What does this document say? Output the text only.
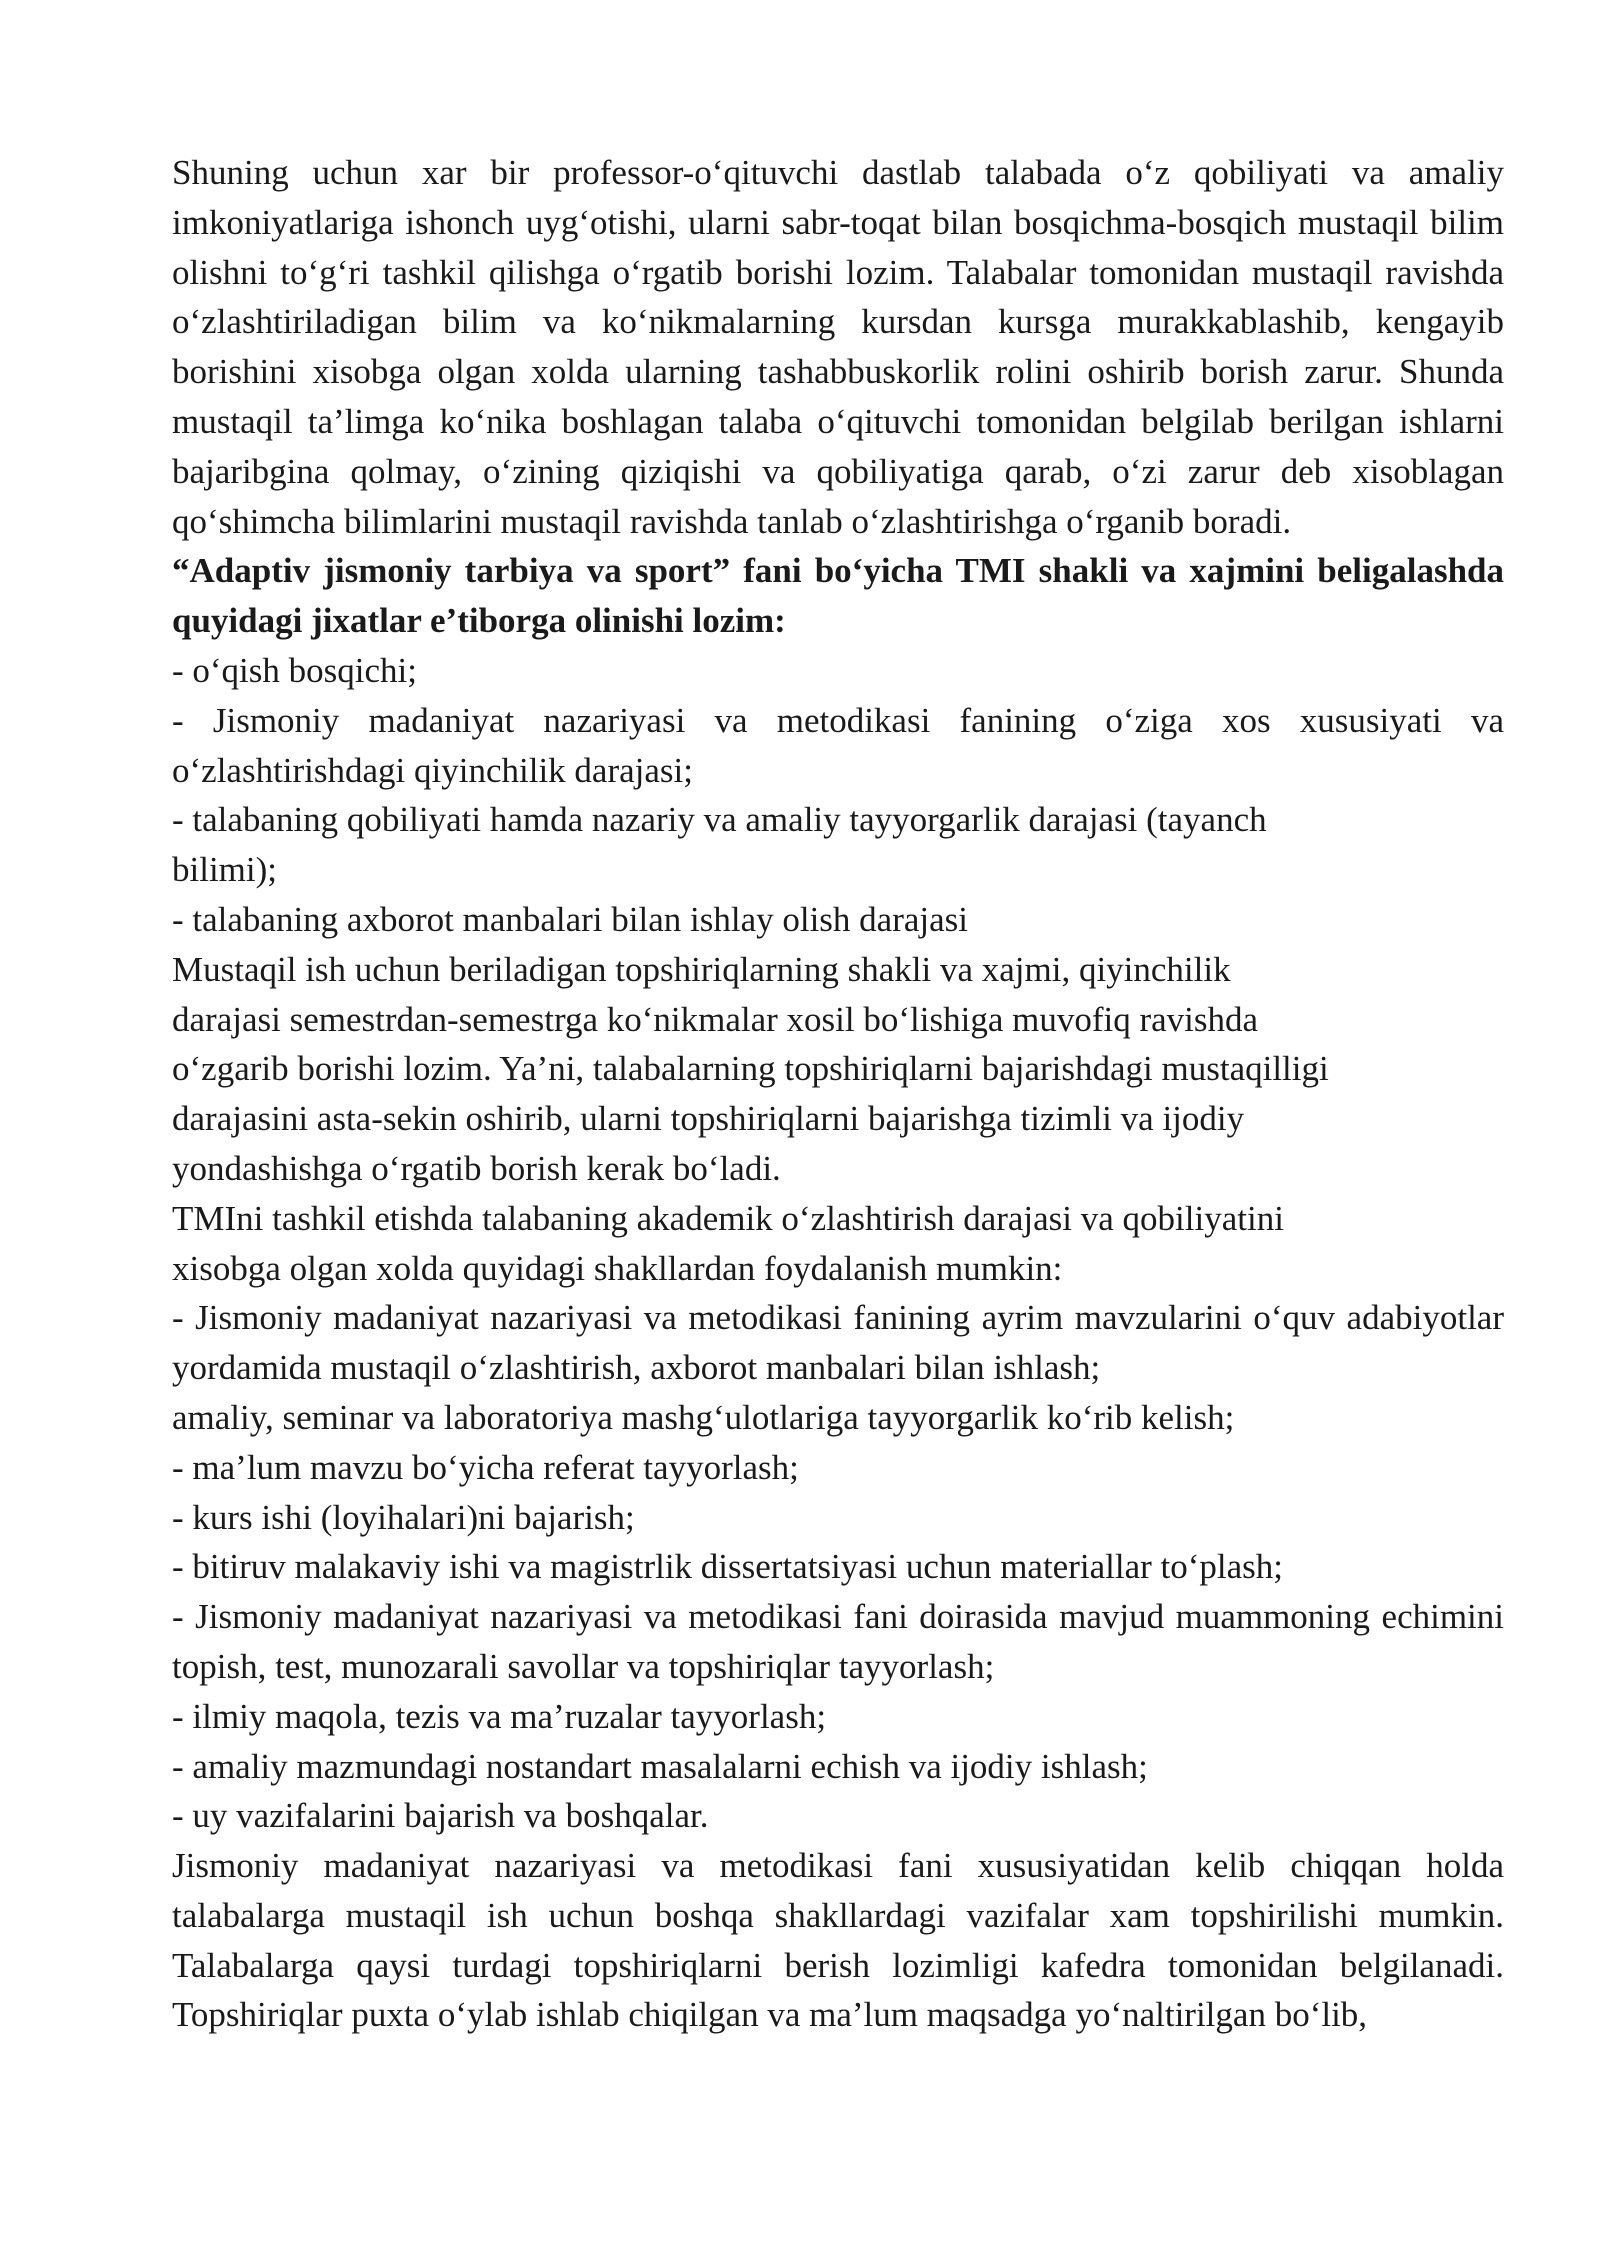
Shuning uchun xar bir professor-o‘qituvchi dastlab talabada o‘z qobiliyati va amaliy imkoniyatlariga ishonch uyg‘otishi, ularni sabr-toqat bilan bosqichma-bosqich mustaqil bilim olishni to‘g‘ri tashkil qilishga o‘rgatib borishi lozim. Talabalar tomonidan mustaqil ravishda o‘zlashtiriladigan bilim va ko‘nikmalarning kursdan kursga murakkablashib, kengayib borishini xisobga olgan xolda ularning tashabbuskorlik rolini oshirib borish zarur. Shunda mustaqil ta’limga ko‘nika boshlagan talaba o‘qituvchi tomonidan belgilab berilgan ishlarni bajaribgina qolmay, o‘zining qiziqishi va qobiliyatiga qarab, o‘zi zarur deb xisoblagan qo‘shimcha bilimlarini mustaqil ravishda tanlab o‘zlashtirishga o‘rganib boradi.

“Adaptiv jismoniy tarbiya va sport” fani bo‘yicha TMI shakli va xajmini beligalashda quyidagi jixatlar e’tiborga olinishi lozim:

- o‘qish bosqichi;

- Jismoniy madaniyat nazariyasi va metodikasi fanining o‘ziga xos xususiyati va o‘zlashtirishdagi qiyinchilik darajasi;

- talabaning qobiliyati hamda nazariy va amaliy tayyorgarlik darajasi (tayanch
bilimi);

- talabaning axborot manbalari bilan ishlay olish darajasi

Mustaqil ish uchun beriladigan topshiriqlarning shakli va xajmi, qiyinchilik
darajasi semestrdan-semestrga ko‘nikmalar xosil bo‘lishiga muvofiq ravishda
o‘zgarib borishi lozim. Ya’ni, talabalarning topshiriqlarni bajarishdagi mustaqilligi
darajasini asta-sekin oshirib, ularni topshiriqlarni bajarishga tizimli va ijodiy
yondashishga o‘rgatib borish kerak bo‘ladi.

TMIni tashkil etishda talabaning akademik o‘zlashtirish darajasi va qobiliyatini
xisobga olgan xolda quyidagi shakllardan foydalanish mumkin:

- Jismoniy madaniyat nazariyasi va metodikasi fanining ayrim mavzularini o‘quv adabiyotlar yordamida mustaqil o‘zlashtirish, axborot manbalari bilan ishlash;

amaliy, seminar va laboratoriya mashg‘ulotlariga tayyorgarlik ko‘rib kelish;

- ma’lum mavzu bo‘yicha referat tayyorlash;

- kurs ishi (loyihalari)ni bajarish;

- bitiruv malakaviy ishi va magistrlik dissertatsiyasi uchun materiallar to‘plash;

- Jismoniy madaniyat nazariyasi va metodikasi fani doirasida mavjud muammoning echimini topish, test, munozarali savollar va topshiriqlar tayyorlash;

- ilmiy maqola, tezis va ma’ruzalar tayyorlash;

- amaliy mazmundagi nostandart masalalarni echish va ijodiy ishlash;

- uy vazifalarini bajarish va boshqalar.

Jismoniy madaniyat nazariyasi va metodikasi fani xususiyatidan kelib chiqqan holda talabalarga mustaqil ish uchun boshqa shakllardagi vazifalar xam topshirilishi mumkin. Talabalarga qaysi turdagi topshiriqlarni berish lozimligi kafedra tomonidan belgilanadi. Topshiriqlar puxta o‘ylab ishlab chiqilgan va ma’lum maqsadga yo‘naltirilgan bo‘lib,
